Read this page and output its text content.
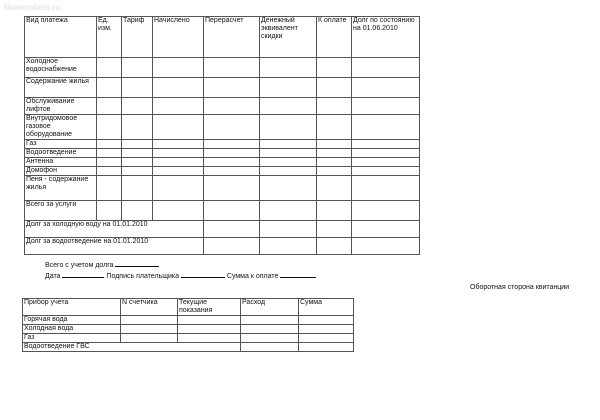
Nomembers.ru
Вид платежа	Ед. изм.	Тариф	Начислено	Перерасчет	Денежный эквивалент скидки	К оплате	Долг по состоянию на 01.06.2010
Холодное водоснабжение							
Содержание жилья							
Обслуживание лифтов							
Внутридомовое газовое оборудование							
Газ							
Водоотведение							
Антенна							
Домофон							
Пеня - содержание жилья							
Всего за услуги							
Долг за холодную воду на 01.01.2010							
Долг за водоотведение на 01.01.2010							
Всего с учетом долга
Дата	Подпись плательщика	Сумма к оплате
Оборотная сторона квитанции
Прибор учета	N счетчика	Текущие показания	Расход	Сумма
Горячая вода				
Холодная вода				
Газ				
Водоотведение ГВС				
